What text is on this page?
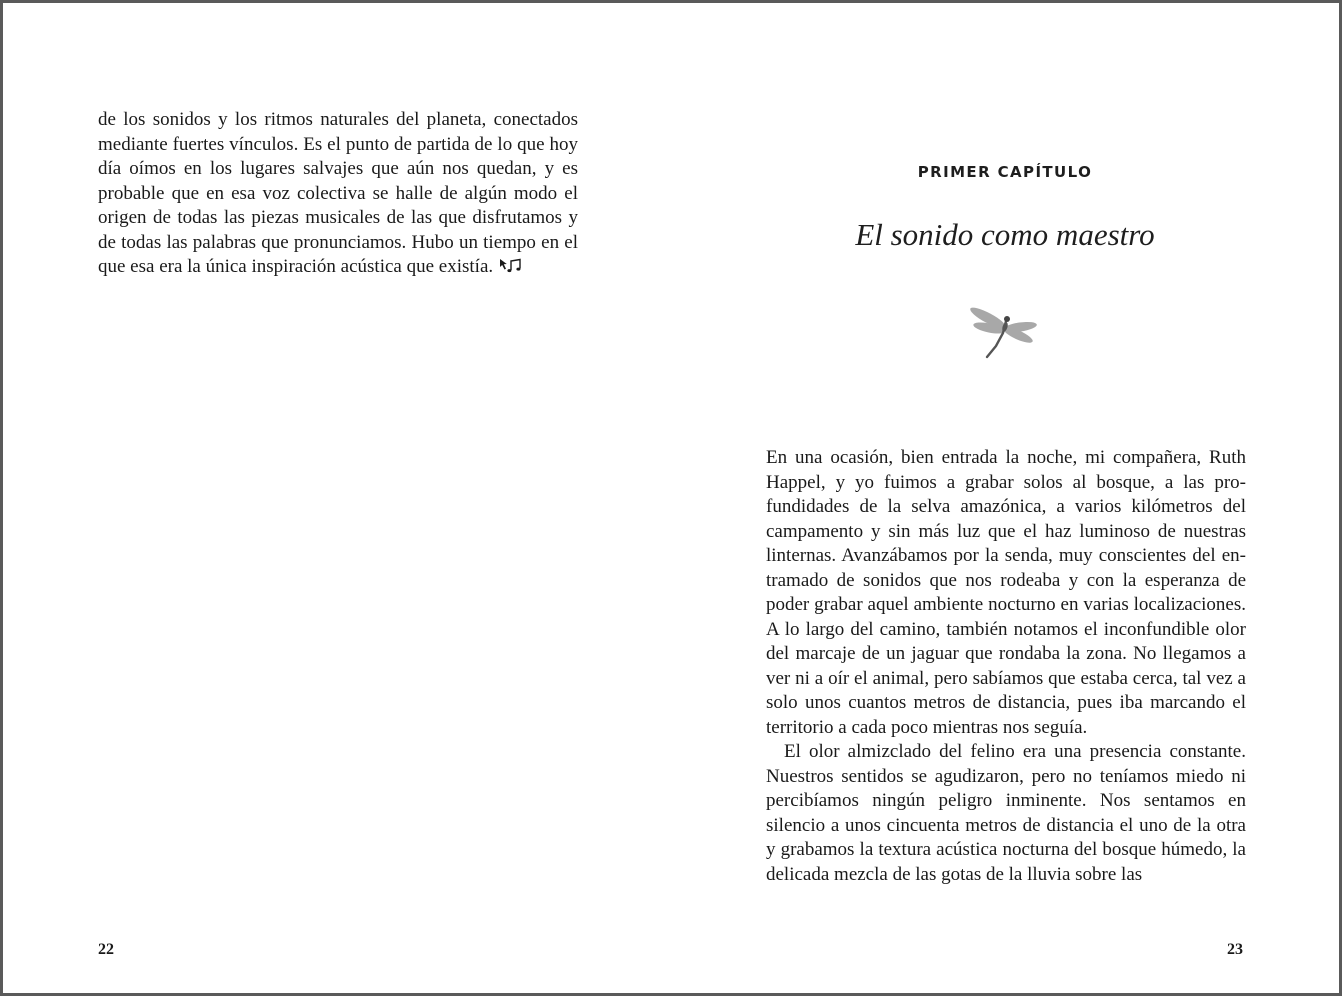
de los sonidos y los ritmos naturales del planeta, conectados mediante fuertes vínculos. Es el punto de partida de lo que hoy día oímos en los lugares salvajes que aún nos quedan, y es probable que en esa voz colectiva se halle de algún modo el origen de todas las piezas musicales de las que disfrutamos y de todas las palabras que pronunciamos. Hubo un tiempo en el que esa era la única inspiración acústica que existía.

22
PRIMER CAPÍTULO
El sonido como maestro

En una ocasión, bien entrada la noche, mi compañera, Ruth Happel, y yo fuimos a grabar solos al bosque, a las profundidades de la selva amazónica, a varios kilómetros del campamento y sin más luz que el haz luminoso de nuestras linternas. Avanzábamos por la senda, muy conscientes del entramado de sonidos que nos rodeaba y con la esperanza de poder grabar aquel ambiente nocturno en varias localizaciones. A lo largo del camino, también notamos el inconfundible olor del marcaje de un jaguar que rondaba la zona. No llegamos a ver ni a oír el animal, pero sabíamos que estaba cerca, tal vez a solo unos cuantos metros de distancia, pues iba marcando el territorio a cada poco mientras nos seguía.

El olor almizclado del felino era una presencia constante. Nuestros sentidos se agudizaron, pero no teníamos miedo ni percibíamos ningún peligro inminente. Nos sentamos en silencio a unos cincuenta metros de distancia el uno de la otra y grabamos la textura acústica nocturna del bosque húmedo, la delicada mezcla de las gotas de la lluvia sobre las

23
